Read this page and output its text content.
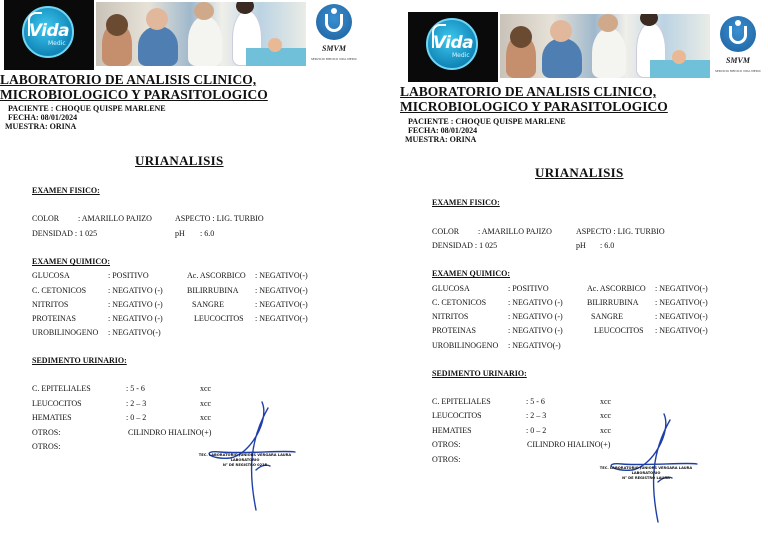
Vida
Medic
SMVM
SERVICIO MEDICO VIDA MEDIC
LABORATORIO DE ANALISIS CLINICO,
MICROBIOLOGICO Y PARASITOLOGICO
PACIENTE : CHOQUE QUISPE MARLENE
FECHA: 08/01/2024
MUESTRA: ORINA
URIANALISIS
EXAMEN FISICO:
COLOR : AMARILLO PAJIZO	ASPECTO : LIG. TURBIO
DENSIDAD : 1 025	pH : 6.0
EXAMEN QUIMICO:
GLUCOSA	: POSITIVO	Ac. ASCORBICO : NEGATIVO(-)
C. CETONICOS	: NEGATIVO (-)	BILIRRUBINA : NEGATIVO(-)
NITRITOS	: NEGATIVO (-)	SANGRE	: NEGATIVO(-)
PROTEINAS	: NEGATIVO (-)	LEUCOCITOS : NEGATIVO(-)
UROBILINOGENO : NEGATIVO(-)
SEDIMENTO URINARIO:
C. EPITELIALES	: 5 - 6	xcc
LEUCOCITOS	: 2 – 3	xcc
HEMATIES	: 0 – 2	xcc
OTROS:	CILINDRO HIALINO(+)
OTROS:
TEC. LABORATORIO JUNIORS VERGARA LAURA
LABORATORIO
N° DE REGISTRO 0235
Vida
Medic
SMVM
SERVICIO MEDICO VIDA MEDIC
LABORATORIO DE ANALISIS CLINICO,
MICROBIOLOGICO Y PARASITOLOGICO
PACIENTE : CHOQUE QUISPE MARLENE
FECHA: 08/01/2024
MUESTRA: ORINA
URIANALISIS
EXAMEN FISICO:
COLOR : AMARILLO PAJIZO	ASPECTO : LIG. TURBIO
DENSIDAD : 1 025	pH : 6.0
EXAMEN QUIMICO:
GLUCOSA	: POSITIVO	Ac. ASCORBICO : NEGATIVO(-)
C. CETONICOS	: NEGATIVO (-)	BILIRRUBINA : NEGATIVO(-)
NITRITOS	: NEGATIVO (-)	SANGRE	: NEGATIVO(-)
PROTEINAS	: NEGATIVO (-)	LEUCOCITOS : NEGATIVO(-)
UROBILINOGENO : NEGATIVO(-)
SEDIMENTO URINARIO:
C. EPITELIALES	: 5 - 6	xcc
LEUCOCITOS	: 2 – 3	xcc
HEMATIES	: 0 – 2	xcc
OTROS:	CILINDRO HIALINO(+)
OTROS:
TEC. LABORATORIO JUNIORS VERGARA LAURA
LABORATORIO
N° DE REGISTRO LAURA
